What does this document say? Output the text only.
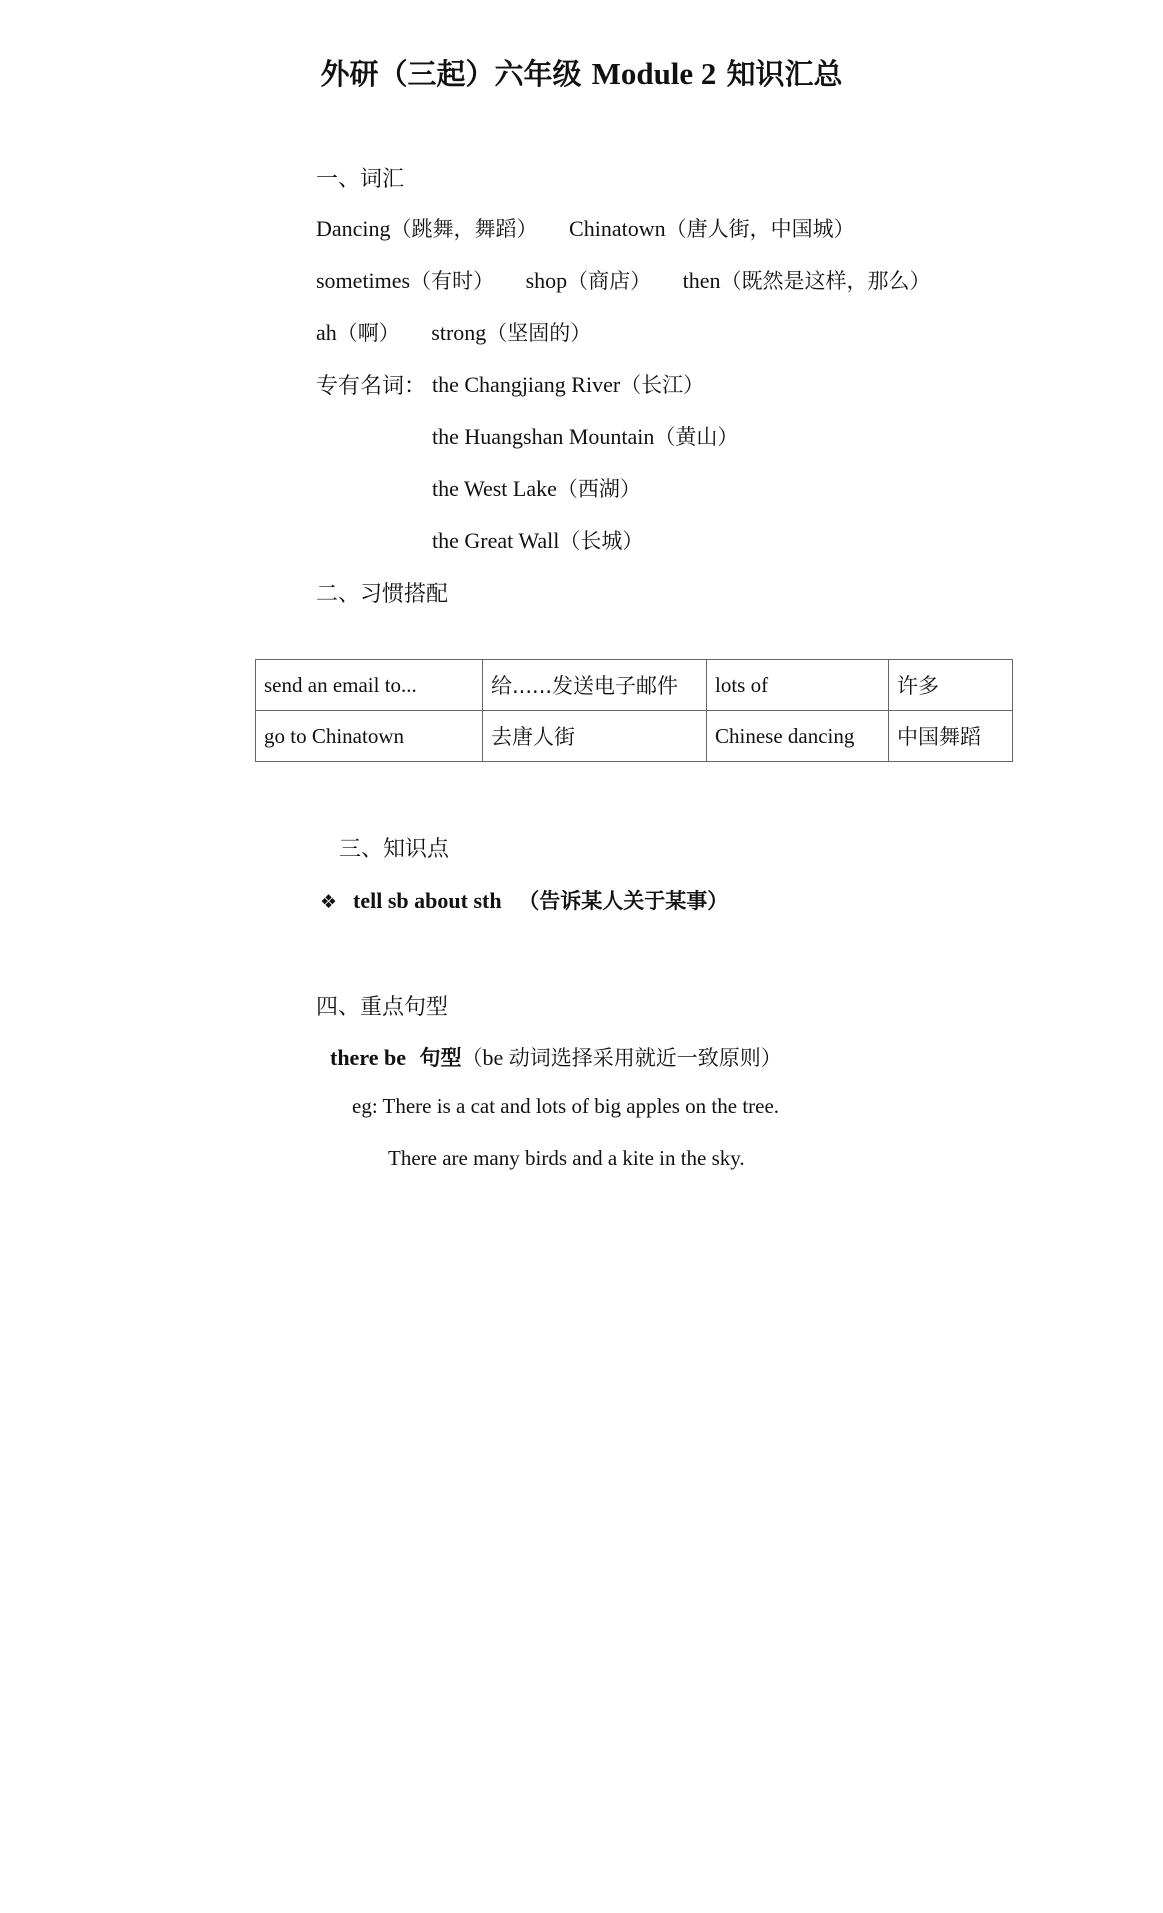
外研（三起）六年级 Module 2 知识汇总
一、词汇
Dancing（跳舞，舞蹈） Chinatown（唐人街，中国城）
sometimes（有时） shop（商店） then（既然是这样，那么）
ah（啊） strong（坚固的）
专有名词： the Changjiang River（长江）
the Huangshan Mountain（黄山）
the West Lake（西湖）
the Great Wall（长城）
二、习惯搭配
send an email to...	给......发送电子邮件	lots of	许多
go to Chinatown	去唐人街	Chinese dancing	中国舞蹈
三、知识点
❖ tell sb about sth （告诉某人关于某事）
四、重点句型
there be 句型（be 动词选择采用就近一致原则）
eg: There is a cat and lots of big apples on the tree.
There are many birds and a kite in the sky.
